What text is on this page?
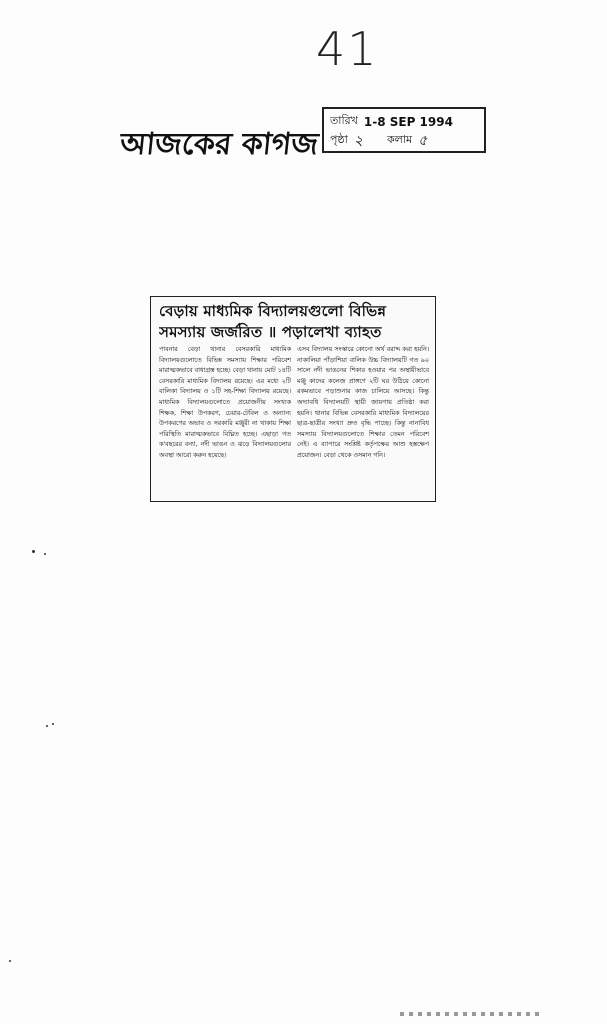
41
আজকের কাগজ
তারিখ 1-8 SEP 1994
পৃষ্ঠা ২ কলাম ৫
বেড়ায় মাধ্যমিক বিদ্যালয়গুলো বিভিন্ন
সমস্যায় জর্জরিত ॥ পড়ালেখা ব্যাহত
পাবনার বেড়া থানার বেসরকারি মাধ্যমিক বিদ্যালয়গুলোতে বিভিন্ন সমস্যায় শিক্ষার পরিবেশ মারাত্মকভাবে বাধাগ্রস্ত হচ্ছে। বেড়া থানায় মোট ১৪টি বেসরকারি মাধ্যমিক বিদ্যালয় রয়েছে। এর মধ্যে ২টি বালিকা বিদ্যালয় ও ১টি সহ-শিক্ষা বিদ্যালয় রয়েছে। মাধ্যমিক বিদ্যালয়গুলোতে প্রয়োজনীয় সংখ্যক শিক্ষক, শিক্ষা উপকরণ, চেয়ার-টেবিল ও অন্যান্য উপকরণের অভাব ও সরকারি মঞ্জুরী না থাকায় শিক্ষা পরিস্থিতি মারাত্মকভাবে বিঘ্নিত হচ্ছে। এছাড়া গত ক'বছরের বন্যা, নদী ভাঙন ও ঝড়ে বিদ্যালয়গুলোর অবস্থা আরো করুন হয়েছে।
এসব বিদ্যালয় সংস্কারে কোনো অর্থ বরাদ্দ করা হয়নি। নাকালিয়া পাঁড়াশিয়া বালিক উচ্চ বিদ্যালয়টি গত ৯০ সালে নদী ভাঙনের শিকার হওয়ার পর অস্থায়ীভাবে মঞ্জু কাদের কলেজ প্রাঙ্গণে ২টি ঘর উঠিয়ে কোনো রকমভাবে পড়াশুনার কাজ চালিয়ে আসছে। কিন্তু অদ্যাবধি বিদ্যালয়টি স্থায়ী জায়গায় প্রতিষ্ঠা করা হয়নি। থানার বিভিন্ন বেসরকারি মাধ্যমিক বিদ্যালয়ের ছাত্র-ছাত্রীর সংখ্যা দ্রুত বৃদ্ধি পাচ্ছে। কিন্তু নানাবিধ সমস্যায় বিদ্যালয়গুলোতে শিক্ষার তেমন পরিবেশ নেই। এ ব্যাপারে সংশ্লিষ্ট কর্তৃপক্ষের আশু হস্তক্ষেপ প্রয়োজন। বেড়া থেকে ওসমান গনি।
